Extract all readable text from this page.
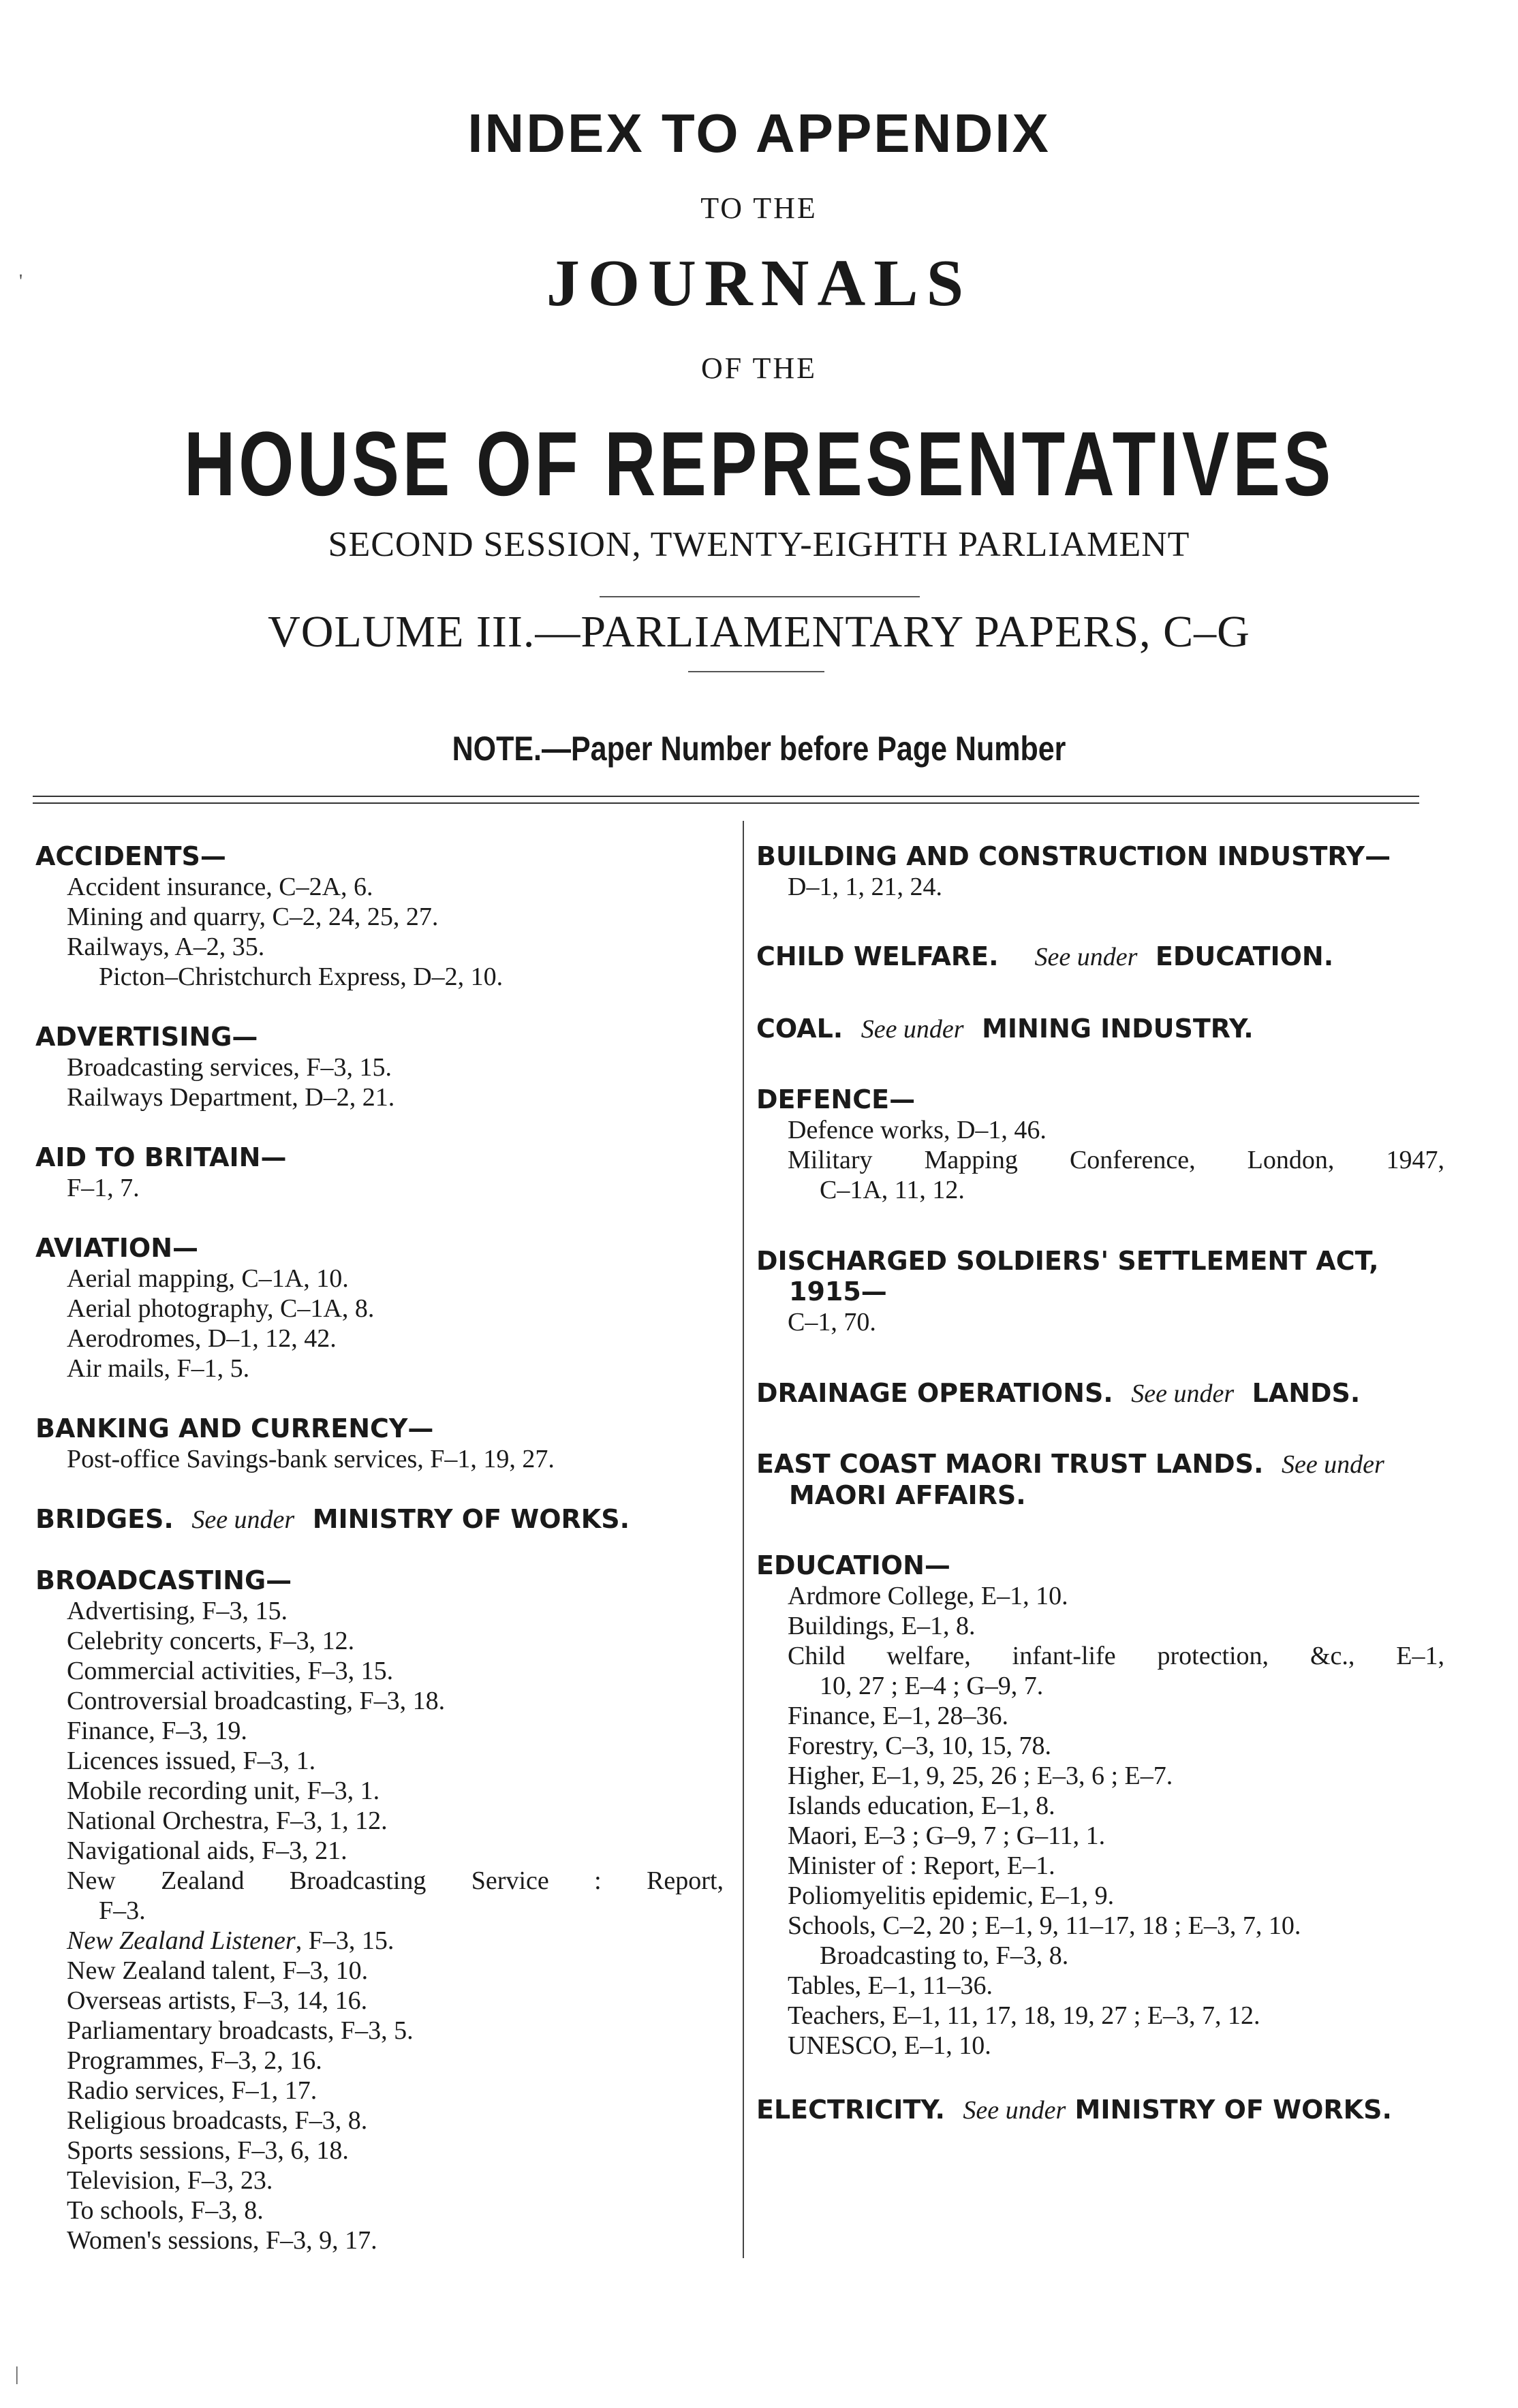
INDEX TO APPENDIX
TO THE
JOURNALS
OF THE
HOUSE OF REPRESENTATIVES
SECOND SESSION, TWENTY-EIGHTH PARLIAMENT
VOLUME III.—PARLIAMENTARY PAPERS, C–G
NOTE.—Paper Number before Page Number
'
|
ACCIDENTS—
Accident insurance, C–2A, 6.
Mining and quarry, C–2, 24, 25, 27.
Railways, A–2, 35.
Picton–Christchurch Express, D–2, 10.
ADVERTISING—
Broadcasting services, F–3, 15.
Railways Department, D–2, 21.
AID TO BRITAIN—
F–1, 7.
AVIATION—
Aerial mapping, C–1A, 10.
Aerial photography, C–1A, 8.
Aerodromes, D–1, 12, 42.
Air mails, F–1, 5.
BANKING AND CURRENCY—
Post-office Savings-bank services, F–1, 19, 27.
BRIDGES. See under MINISTRY OF WORKS.
BROADCASTING—
Advertising, F–3, 15.
Celebrity concerts, F–3, 12.
Commercial activities, F–3, 15.
Controversial broadcasting, F–3, 18.
Finance, F–3, 19.
Licences issued, F–3, 1.
Mobile recording unit, F–3, 1.
National Orchestra, F–3, 1, 12.
Navigational aids, F–3, 21.
New Zealand Broadcasting Service : Report,
F–3.
New Zealand Listener, F–3, 15.
New Zealand talent, F–3, 10.
Overseas artists, F–3, 14, 16.
Parliamentary broadcasts, F–3, 5.
Programmes, F–3, 2, 16.
Radio services, F–1, 17.
Religious broadcasts, F–3, 8.
Sports sessions, F–3, 6, 18.
Television, F–3, 23.
To schools, F–3, 8.
Women's sessions, F–3, 9, 17.
BUILDING AND CONSTRUCTION INDUSTRY—
D–1, 1, 21, 24.
CHILD WELFARE. See under EDUCATION.
COAL. See under MINING INDUSTRY.
DEFENCE—
Defence works, D–1, 46.
Military Mapping Conference, London, 1947,
C–1A, 11, 12.
DISCHARGED SOLDIERS' SETTLEMENT ACT,
1915—
C–1, 70.
DRAINAGE OPERATIONS. See under LANDS.
EAST COAST MAORI TRUST LANDS. See under
MAORI AFFAIRS.
EDUCATION—
Ardmore College, E–1, 10.
Buildings, E–1, 8.
Child welfare, infant-life protection, &c., E–1,
10, 27 ; E–4 ; G–9, 7.
Finance, E–1, 28–36.
Forestry, C–3, 10, 15, 78.
Higher, E–1, 9, 25, 26 ; E–3, 6 ; E–7.
Islands education, E–1, 8.
Maori, E–3 ; G–9, 7 ; G–11, 1.
Minister of : Report, E–1.
Poliomyelitis epidemic, E–1, 9.
Schools, C–2, 20 ; E–1, 9, 11–17, 18 ; E–3, 7, 10.
Broadcasting to, F–3, 8.
Tables, E–1, 11–36.
Teachers, E–1, 11, 17, 18, 19, 27 ; E–3, 7, 12.
UNESCO, E–1, 10.
ELECTRICITY. See under MINISTRY OF WORKS.
